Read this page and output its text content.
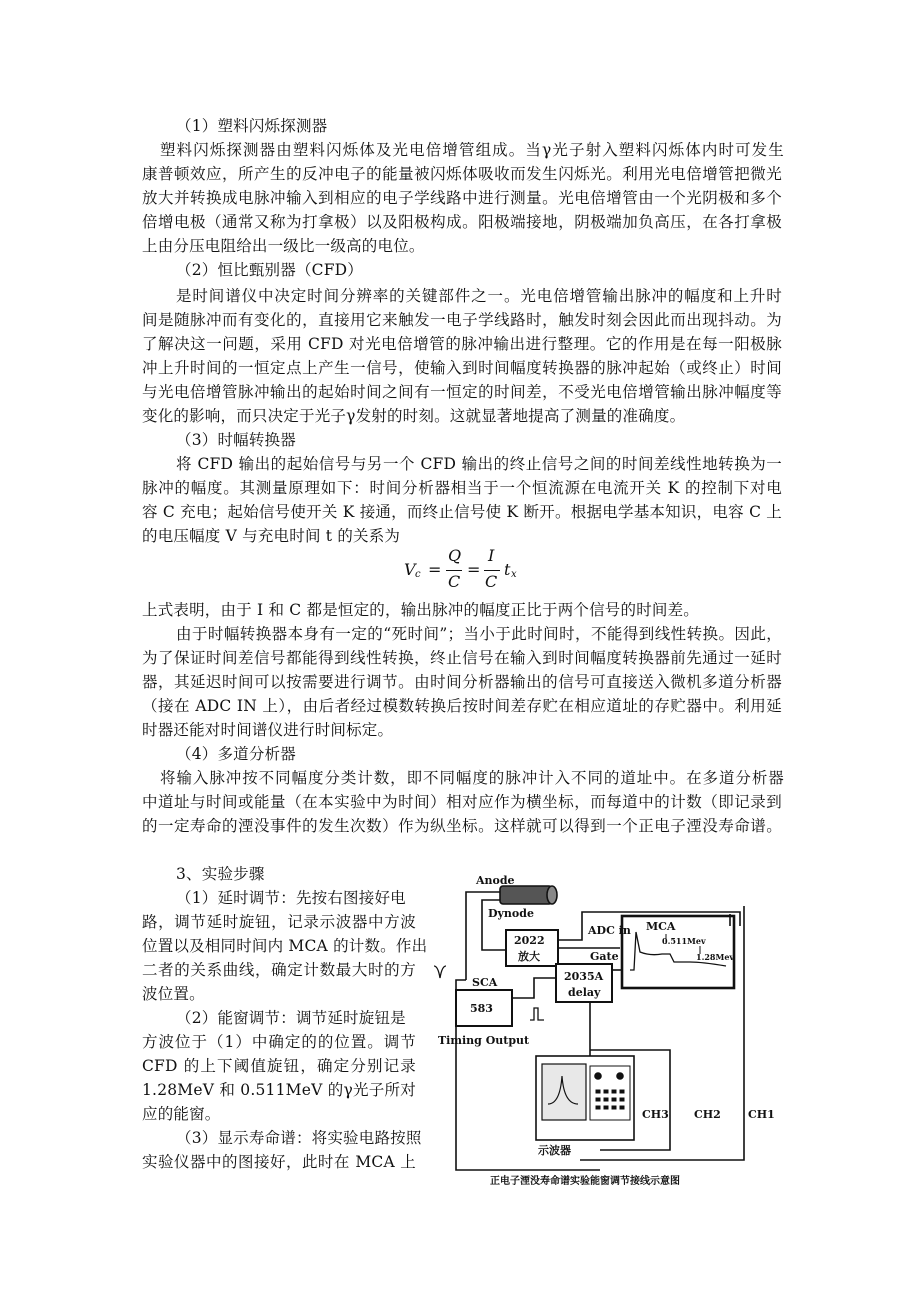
（1）塑料闪烁探测器
塑料闪烁探测器由塑料闪烁体及光电倍增管组成。当γ光子射入塑料闪烁体内时可发生
康普顿效应，所产生的反冲电子的能量被闪烁体吸收而发生闪烁光。利用光电倍增管把微光
放大并转换成电脉冲输入到相应的电子学线路中进行测量。光电倍增管由一个光阴极和多个
倍增电极（通常又称为打拿极）以及阳极构成。阳极端接地，阴极端加负高压，在各打拿极
上由分压电阻给出一级比一级高的电位。
（2）恒比甄别器（CFD）
是时间谱仪中决定时间分辨率的关键部件之一。光电倍增管输出脉冲的幅度和上升时
间是随脉冲而有变化的，直接用它来触发一电子学线路时，触发时刻会因此而出现抖动。为
了解决这一问题，采用 CFD 对光电倍增管的脉冲输出进行整理。它的作用是在每一阳极脉
冲上升时间的一恒定点上产生一信号，使输入到时间幅度转换器的脉冲起始（或终止）时间
与光电倍增管脉冲输出的起始时间之间有一恒定的时间差，不受光电倍增管输出脉冲幅度等
变化的影响，而只决定于光子γ发射的时刻。这就显著地提高了测量的准确度。
（3）时幅转换器
将 CFD 输出的起始信号与另一个 CFD 输出的终止信号之间的时间差线性地转换为一
脉冲的幅度。其测量原理如下：时间分析器相当于一个恒流源在电流开关 K 的控制下对电
容 C 充电；起始信号使开关 K 接通，而终止信号使 K 断开。根据电学基本知识，电容 C 上
的电压幅度 V 与充电时间 t 的关系为
V c =
Q
C
=
I
C
t x
上式表明，由于 I 和 C 都是恒定的，输出脉冲的幅度正比于两个信号的时间差。
由于时幅转换器本身有一定的“死时间”；当小于此时间时，不能得到线性转换。因此，
为了保证时间差信号都能得到线性转换，终止信号在输入到时间幅度转换器前先通过一延时
器，其延迟时间可以按需要进行调节。由时间分析器输出的信号可直接送入微机多道分析器
（接在 ADC IN 上），由后者经过模数转换后按时间差存贮在相应道址的存贮器中。利用延
时器还能对时间谱仪进行时间标定。
（4）多道分析器
将输入脉冲按不同幅度分类计数，即不同幅度的脉冲计入不同的道址中。在多道分析器
中道址与时间或能量（在本实验中为时间）相对应作为横坐标，而每道中的计数（即记录到
的一定寿命的湮没事件的发生次数）作为纵坐标。这样就可以得到一个正电子湮没寿命谱。
3、实验步骤
（1）延时调节：先按右图接好电
路，调节延时旋钮，记录示波器中方波
位置以及相同时间内 MCA 的计数。作出
二者的关系曲线，确定计数最大时的方
波位置。
（2）能窗调节：调节延时旋钮是
方波位于（1）中确定的的位置。调节
CFD 的上下阈值旋钮，确定分别记录
1.28MeV 和 0.511MeV 的γ光子所对
应的能窗。
（3）显示寿命谱：将实验电路按照
实验仪器中的图接好，此时在 MCA 上
Anode
Dynode
2022
放大
ADC in MCA
0.511Mev
1.28Mev
Gate
2035A
delay
SCA
583
Timing Output
示波器
CH3 CH2 CH1
正电子湮没寿命谱实验能窗调节接线示意图
